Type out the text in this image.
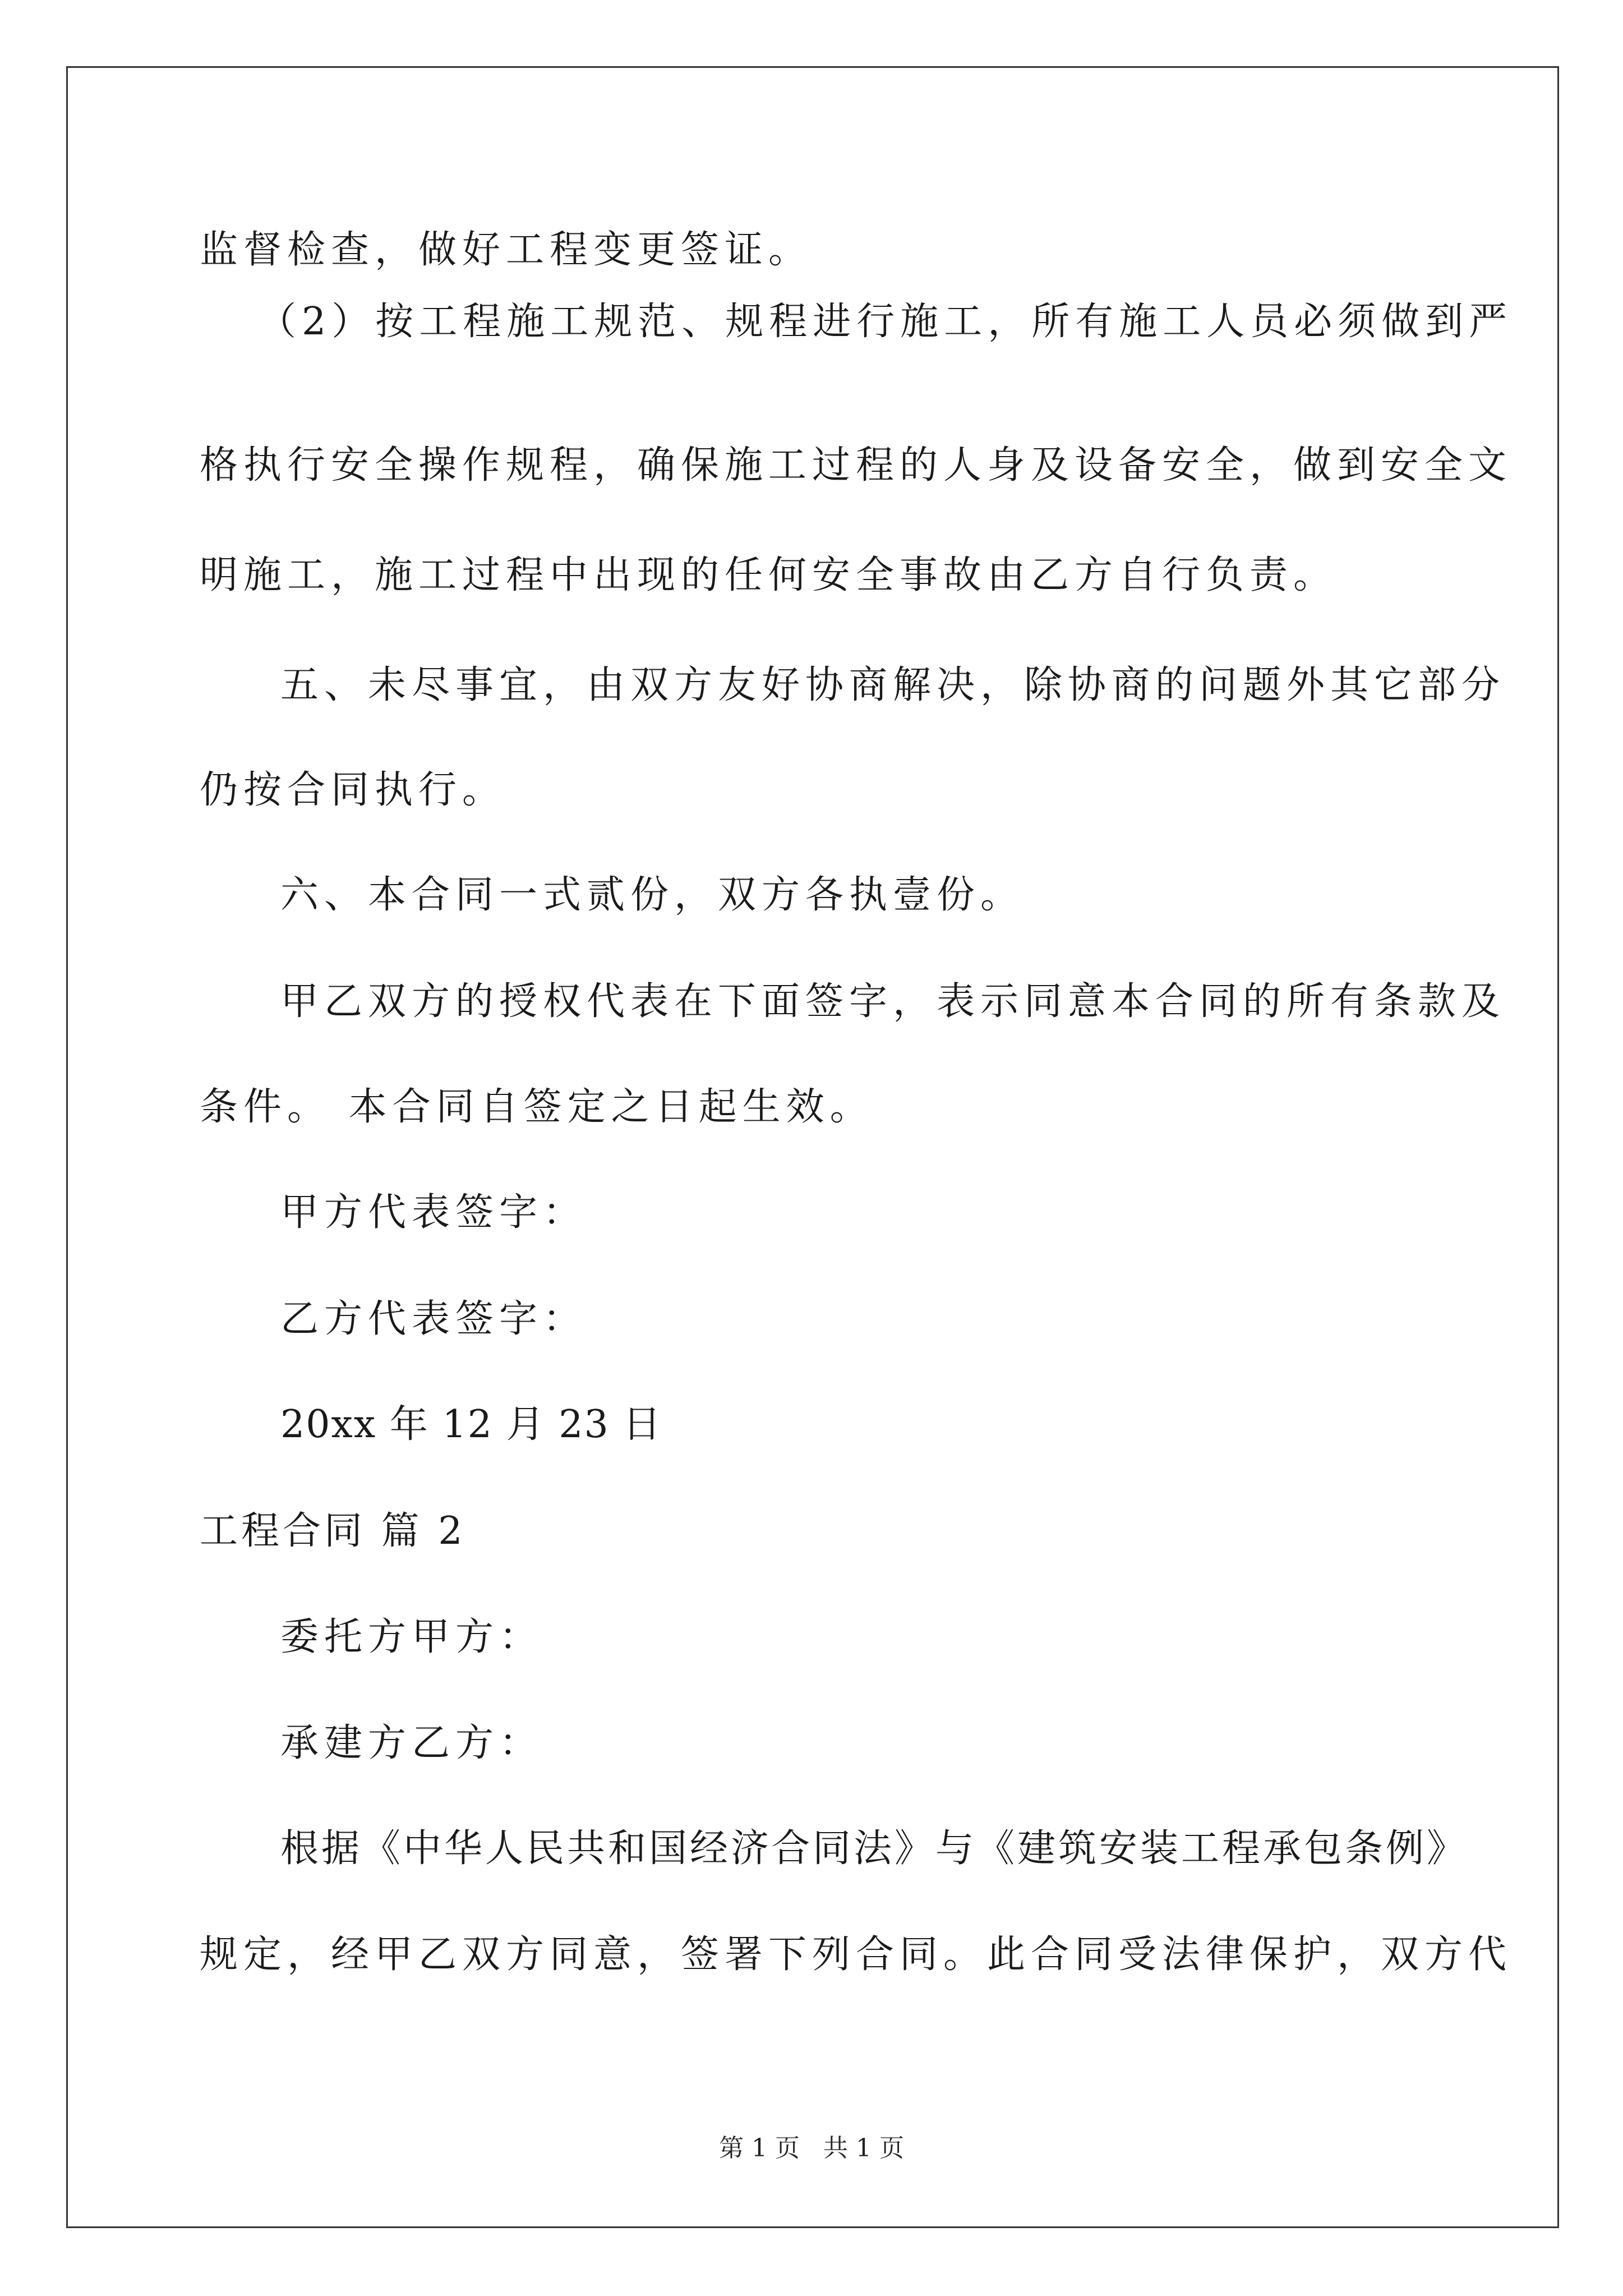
监督检查，做好工程变更签证。
（2）按工程施工规范、规程进行施工，所有施工人员必须做到严
格执行安全操作规程，确保施工过程的人身及设备安全，做到安全文
明施工，施工过程中出现的任何安全事故由乙方自行负责。
五、未尽事宜，由双方友好协商解决，除协商的问题外其它部分
仍按合同执行。
六、本合同一式贰份，双方各执壹份。
甲乙双方的授权代表在下面签字，表示同意本合同的所有条款及
条件。 本合同自签定之日起生效。
甲方代表签字：
乙方代表签字：
20xx 年 12 月 23 日
工程合同 篇 2
委托方甲方：
承建方乙方：
根据《中华人民共和国经济合同法》与《建筑安装工程承包条例》
规定，经甲乙双方同意，签署下列合同。此合同受法律保护，双方代
第 1 页   共 1 页
